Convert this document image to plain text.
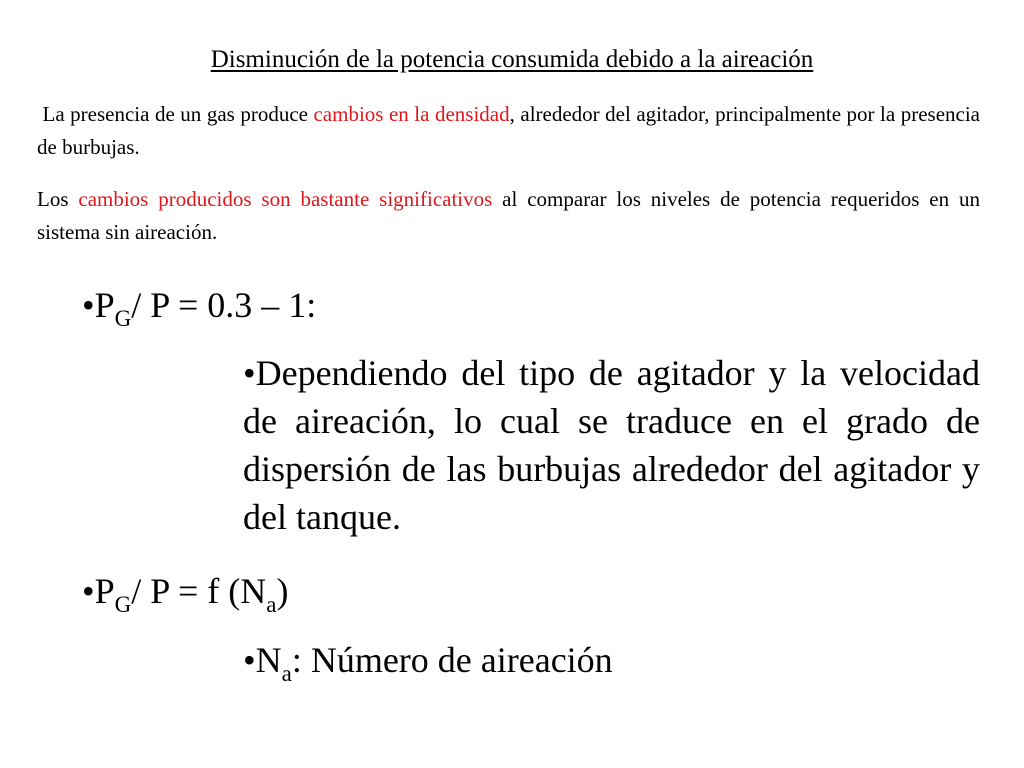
Disminución de la potencia consumida debido a la aireación
La presencia de un gas produce cambios en la densidad, alrededor del agitador, principalmente por la presencia de burbujas.
Los cambios producidos son bastante significativos al comparar los niveles de potencia requeridos en un sistema sin aireación.
$•P_G/$ P = 0.3 – 1:
•Dependiendo del tipo de agitador y la velocidad de aireación, lo cual se traduce en el grado de dispersión de las burbujas alrededor del agitador y del tanque.
$•P_G/$ P = f $(N_a)$
$•N_a$: Número de aireación
